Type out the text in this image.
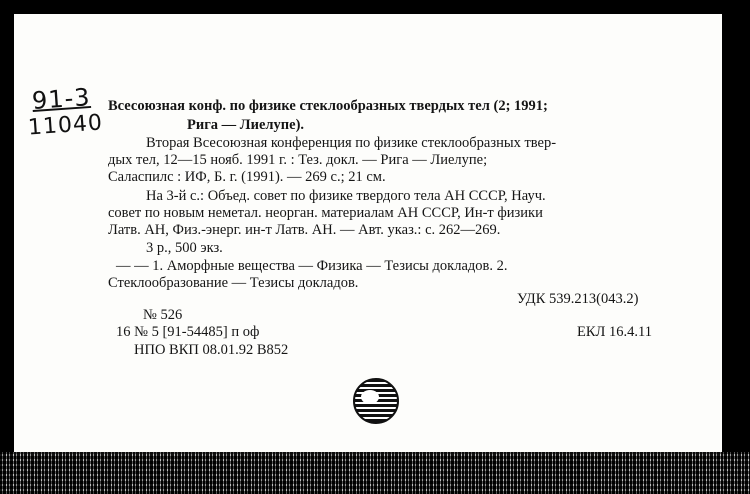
91-3
11040
Всесоюзная конф. по физике стеклообразных твердых тел (2; 1991;
Рига — Лиелупе).
Вторая Всесоюзная конференция по физике стеклообразных твер-
дых тел, 12—15 нояб. 1991 г. : Тез. докл. — Рига — Лиелупе;
Саласпилс : ИФ, Б. г. (1991). — 269 с.; 21 см.
На 3-й с.: Объед. совет по физике твердого тела АН СССР, Науч.
совет по новым неметал. неорган. материалам АН СССР, Ин-т физики
Латв. АН, Физ.-энерг. ин-т Латв. АН. — Авт. указ.: с. 262—269.
3 р., 500 экз.
— — 1. Аморфные вещества — Физика — Тезисы докладов. 2.
Стеклообразование — Тезисы докладов.
УДК 539.213(043.2)
№ 526
16 № 5 [91-54485] п оф	ЕКЛ 16.4.11
НПО ВКП 08.01.92 В852
